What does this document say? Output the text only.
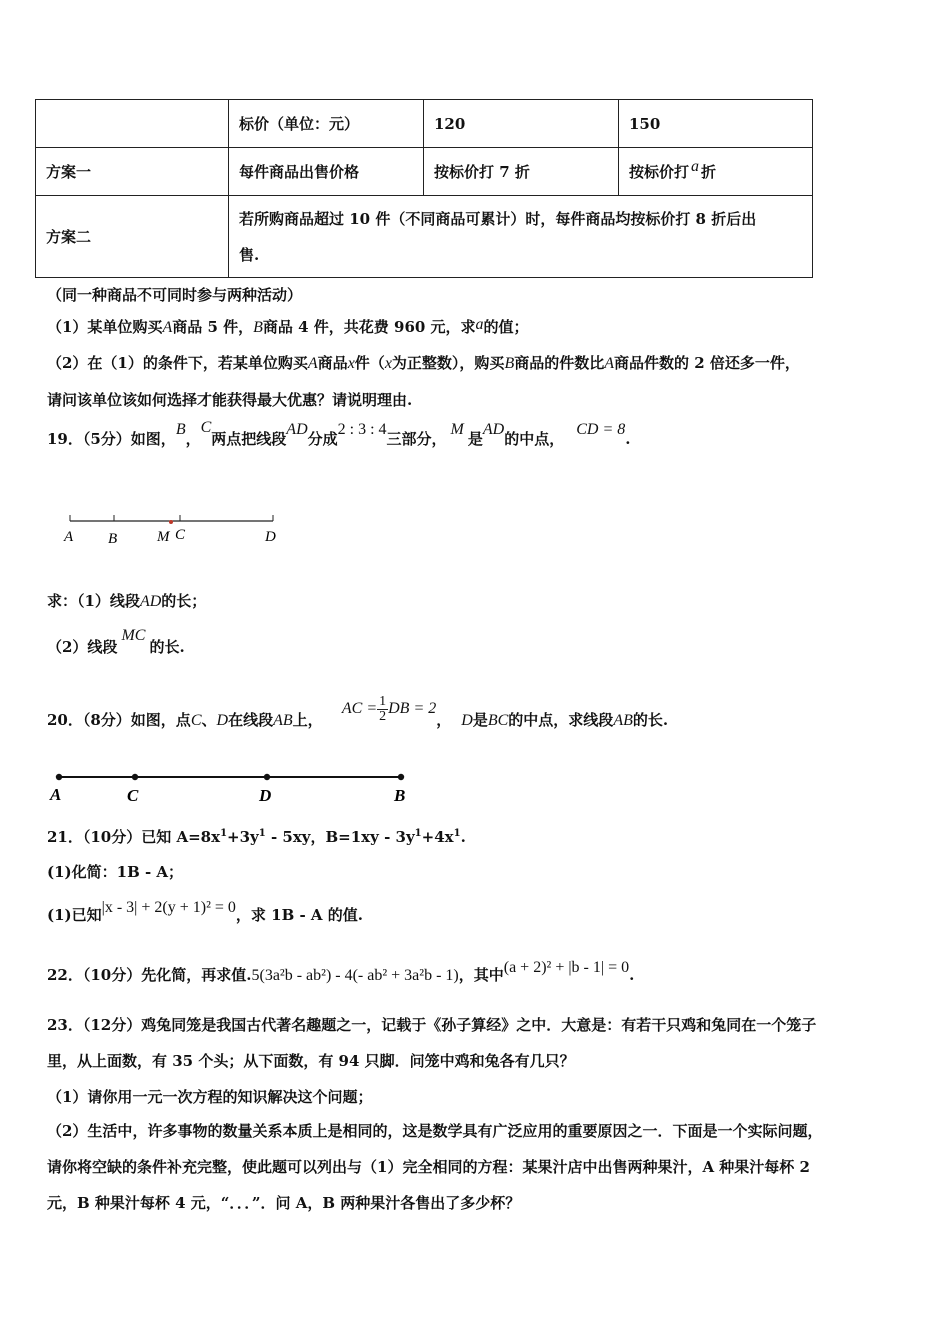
	标价（单位：元）	120	150
方案一	每件商品出售价格	按标价打 7 折	按标价打 a 折
方案二	若所购商品超过 10 件（不同商品可累计）时，每件商品均按标价打 8 折后出
售.		
（同一种商品不可同时参与两种活动）
（1）某单位购买A商品 5 件，B商品 4 件，共花费 960 元，求a的值；
（2）在（1）的条件下，若某单位购买A商品x件（x为正整数），购买B商品的件数比A商品件数的 2 倍还多一件，
请问该单位该如何选择才能获得最大优惠？请说明理由.
19．（5分）如图，B，C两点把线段AD分成2 : 3 : 4三部分，M是AD的中点，CD = 8.
A B	M C	D
求：（1）线段AD的长；
（2）线段MC的长.
20．（8分）如图，点C、D在线段AB上， AC = $\frac{1}{2}$ DB = 2， D是BC的中点，求线段AB的长.
A	C	D	B
21．（10分）已知 $A=8x^1+3y^1 - 5xy$，$B=1xy - 3y^1+4x^1$.
(1)化简：1B - A；
(1)已知|x - 3| + 2(y + 1)² = 0，求 1B - A 的值.
22．（10分）先化简，再求值.5(3a²b - ab²) - 4(- ab² + 3a²b - 1)，其中(a + 2)² + |b - 1| = 0.
23．（12分）鸡兔同笼是我国古代著名趣题之一，记载于《孙子算经》之中．大意是：有若干只鸡和兔同在一个笼子
里，从上面数，有 35 个头；从下面数，有 94 只脚．问笼中鸡和兔各有几只？
（1）请你用一元一次方程的知识解决这个问题；
（2）生活中，许多事物的数量关系本质上是相同的，这是数学具有广泛应用的重要原因之一．下面是一个实际问题，
请你将空缺的条件补充完整，使此题可以列出与（1）完全相同的方程：某果汁店中出售两种果汁，A 种果汁每杯 2
元，B 种果汁每杯 4 元，“．．．”．问 A，B 两种果汁各售出了多少杯？
